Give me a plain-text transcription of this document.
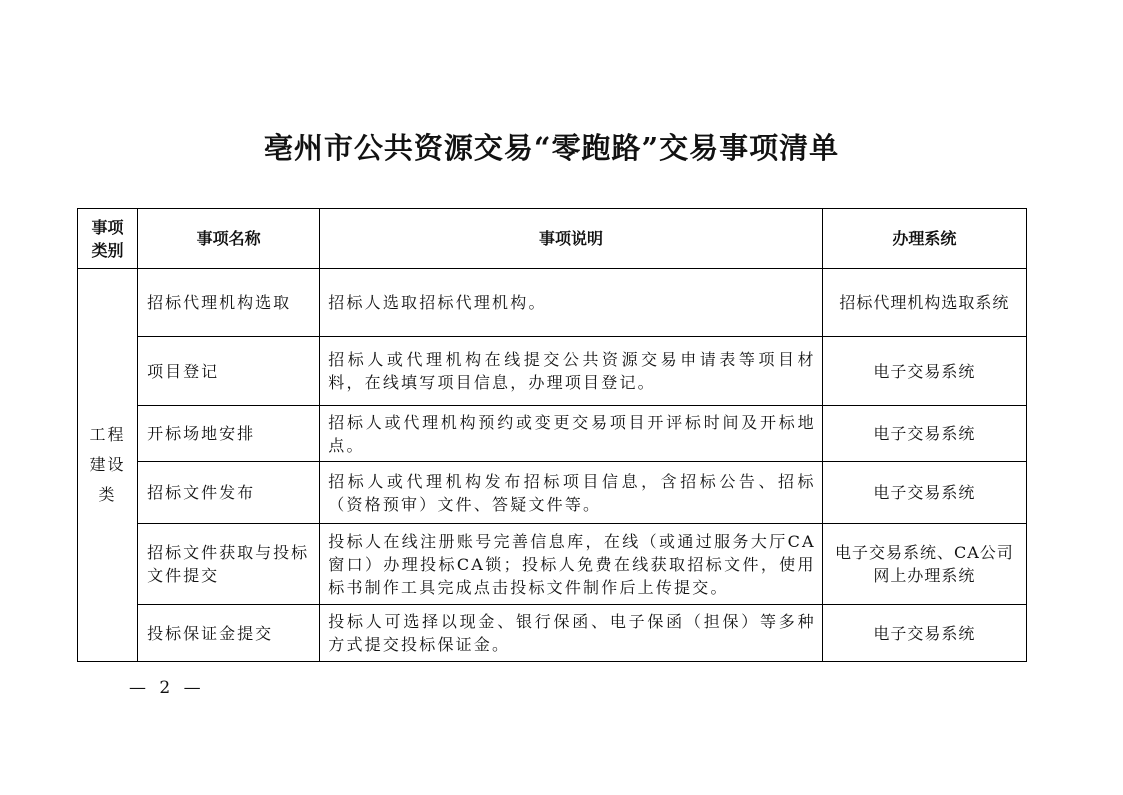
亳州市公共资源交易“零跑路”交易事项清单
事项类别	事项名称	事项说明	办理系统

工程建设类	招标代理机构选取	招标人选取招标代理机构。	招标代理机构选取系统
	项目登记	招标人或代理机构在线提交公共资源交易申请表等项目材料，在线填写项目信息，办理项目登记。	电子交易系统
	开标场地安排	招标人或代理机构预约或变更交易项目开评标时间及开标地点。	电子交易系统
	招标文件发布	招标人或代理机构发布招标项目信息，含招标公告、招标（资格预审）文件、答疑文件等。	电子交易系统
	招标文件获取与投标文件提交	投标人在线注册账号完善信息库，在线（或通过服务大厅CA窗口）办理投标CA锁；投标人免费在线获取招标文件，使用标书制作工具完成点击投标文件制作后上传提交。	电子交易系统、CA公司网上办理系统
	投标保证金提交	投标人可选择以现金、银行保函、电子保函（担保）等多种方式提交投标保证金。	电子交易系统
— 2 —
